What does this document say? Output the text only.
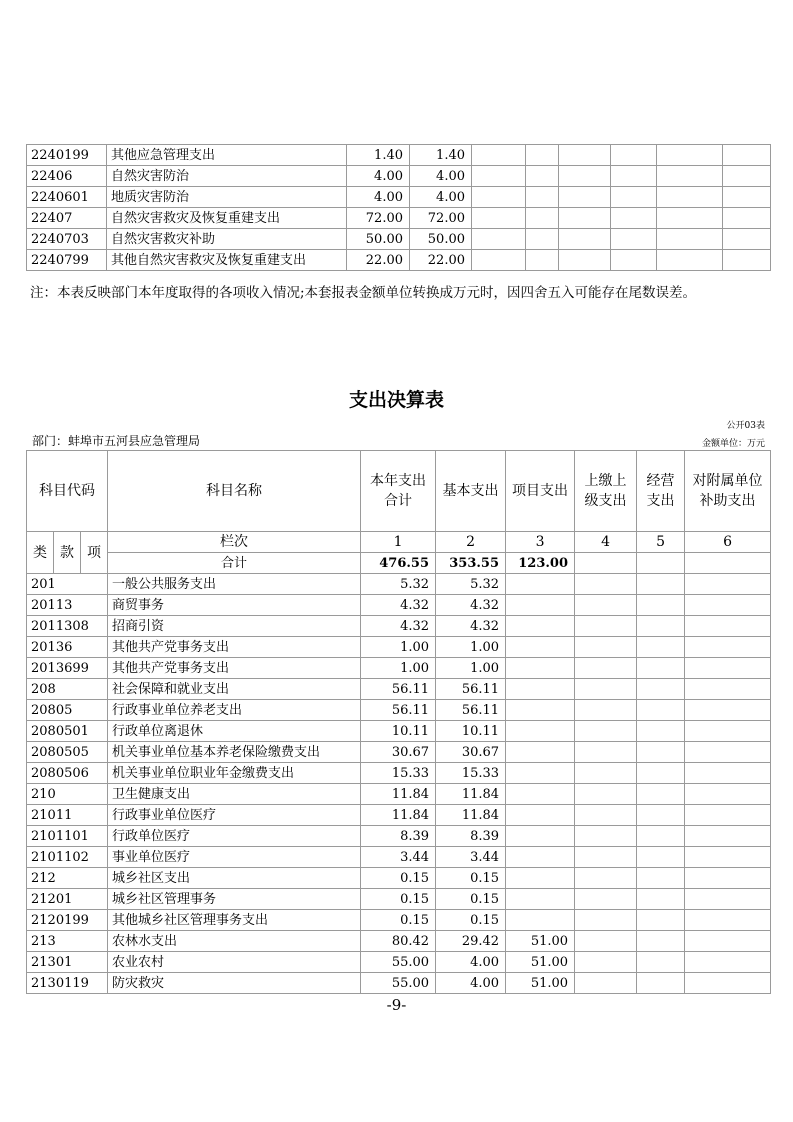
2240199	其他应急管理支出	1.40	1.40						
22406	自然灾害防治	4.00	4.00						
2240601	地质灾害防治	4.00	4.00						
22407	自然灾害救灾及恢复重建支出	72.00	72.00						
2240703	自然灾害救灾补助	50.00	50.00						
2240799	其他自然灾害救灾及恢复重建支出	22.00	22.00						
注：本表反映部门本年度取得的各项收入情况;本套报表金额单位转换成万元时，因四舍五入可能存在尾数误差。
支出决算表
公开03表
部门：蚌埠市五河县应急管理局	金额单位：万元
科目代码			科目名称	本年支出合计	基本支出	项目支出	上缴上级支出	经营支出	对附属单位补助支出
类	款	项	栏次	1	2	3	4	5	6
			合计	476.55	353.55	123.00			
201			一般公共服务支出	5.32	5.32				
20113			商贸事务	4.32	4.32				
2011308			招商引资	4.32	4.32				
20136			其他共产党事务支出	1.00	1.00				
2013699			其他共产党事务支出	1.00	1.00				
208			社会保障和就业支出	56.11	56.11				
20805			行政事业单位养老支出	56.11	56.11				
2080501			行政单位离退休	10.11	10.11				
2080505			机关事业单位基本养老保险缴费支出	30.67	30.67				
2080506			机关事业单位职业年金缴费支出	15.33	15.33				
210			卫生健康支出	11.84	11.84				
21011			行政事业单位医疗	11.84	11.84				
2101101			行政单位医疗	8.39	8.39				
2101102			事业单位医疗	3.44	3.44				
212			城乡社区支出	0.15	0.15				
21201			城乡社区管理事务	0.15	0.15				
2120199			其他城乡社区管理事务支出	0.15	0.15				
213			农林水支出	80.42	29.42	51.00			
21301			农业农村	55.00	4.00	51.00			
2130119			防灾救灾	55.00	4.00	51.00			
-9-
